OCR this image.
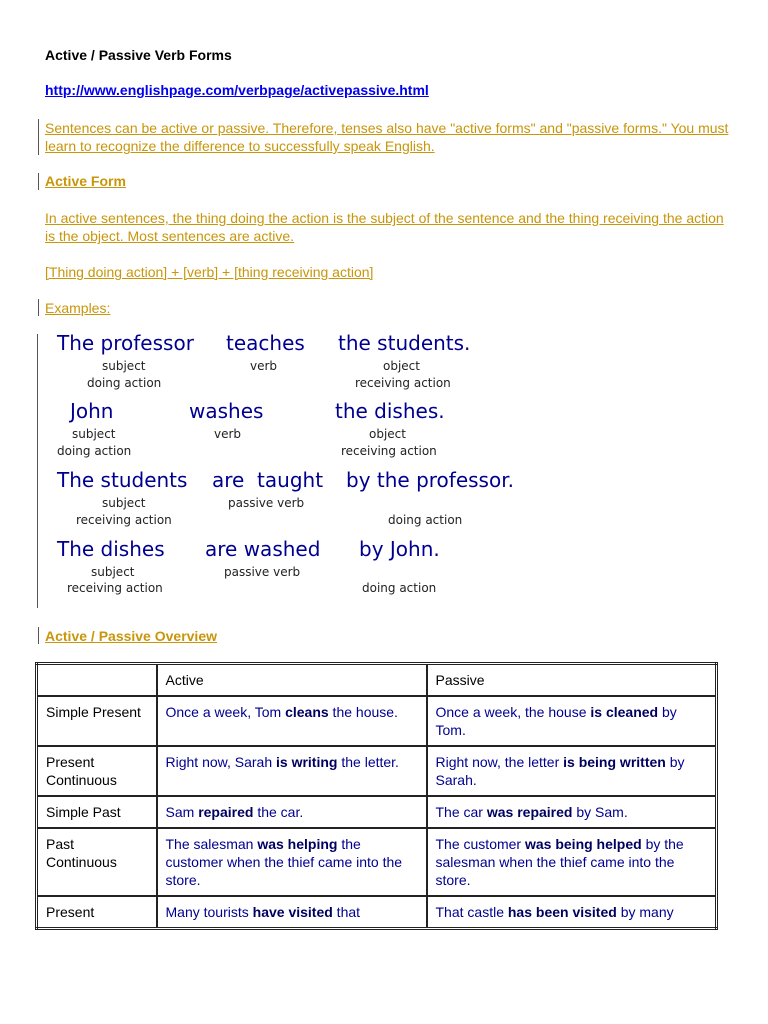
Active / Passive Verb Forms
http://www.englishpage.com/verbpage/activepassive.html
Sentences can be active or passive. Therefore, tenses also have "active forms" and "passive forms." You must learn to recognize the difference to successfully speak English.
Active Form
In active sentences, the thing doing the action is the subject of the sentence and the thing receiving the action is the object. Most sentences are active.
[Thing doing action] + [verb] + [thing receiving action]
Examples:
The professor teaches the students.
subject
doing action
verb	object
receiving action
John	washes	the dishes.
subject
doing action
verb	object
receiving action
The students are  taught by the professor.
subject
receiving action
passive verb
doing action
The dishes are washed by John.
subject
receiving action
passive verb
doing action
Active / Passive Overview
	Active	Passive
Simple Present	Once a week, Tom cleans the house.	Once a week, the house is cleaned by Tom.
Present Continuous	Right now, Sarah is writing the letter.	Right now, the letter is being written by Sarah.
Simple Past	Sam repaired the car.	The car was repaired by Sam.
Past Continuous	The salesman was helping the customer when the thief came into the store.	The customer was being helped by the salesman when the thief came into the store.
Present	Many tourists have visited that	That castle has been visited by many
